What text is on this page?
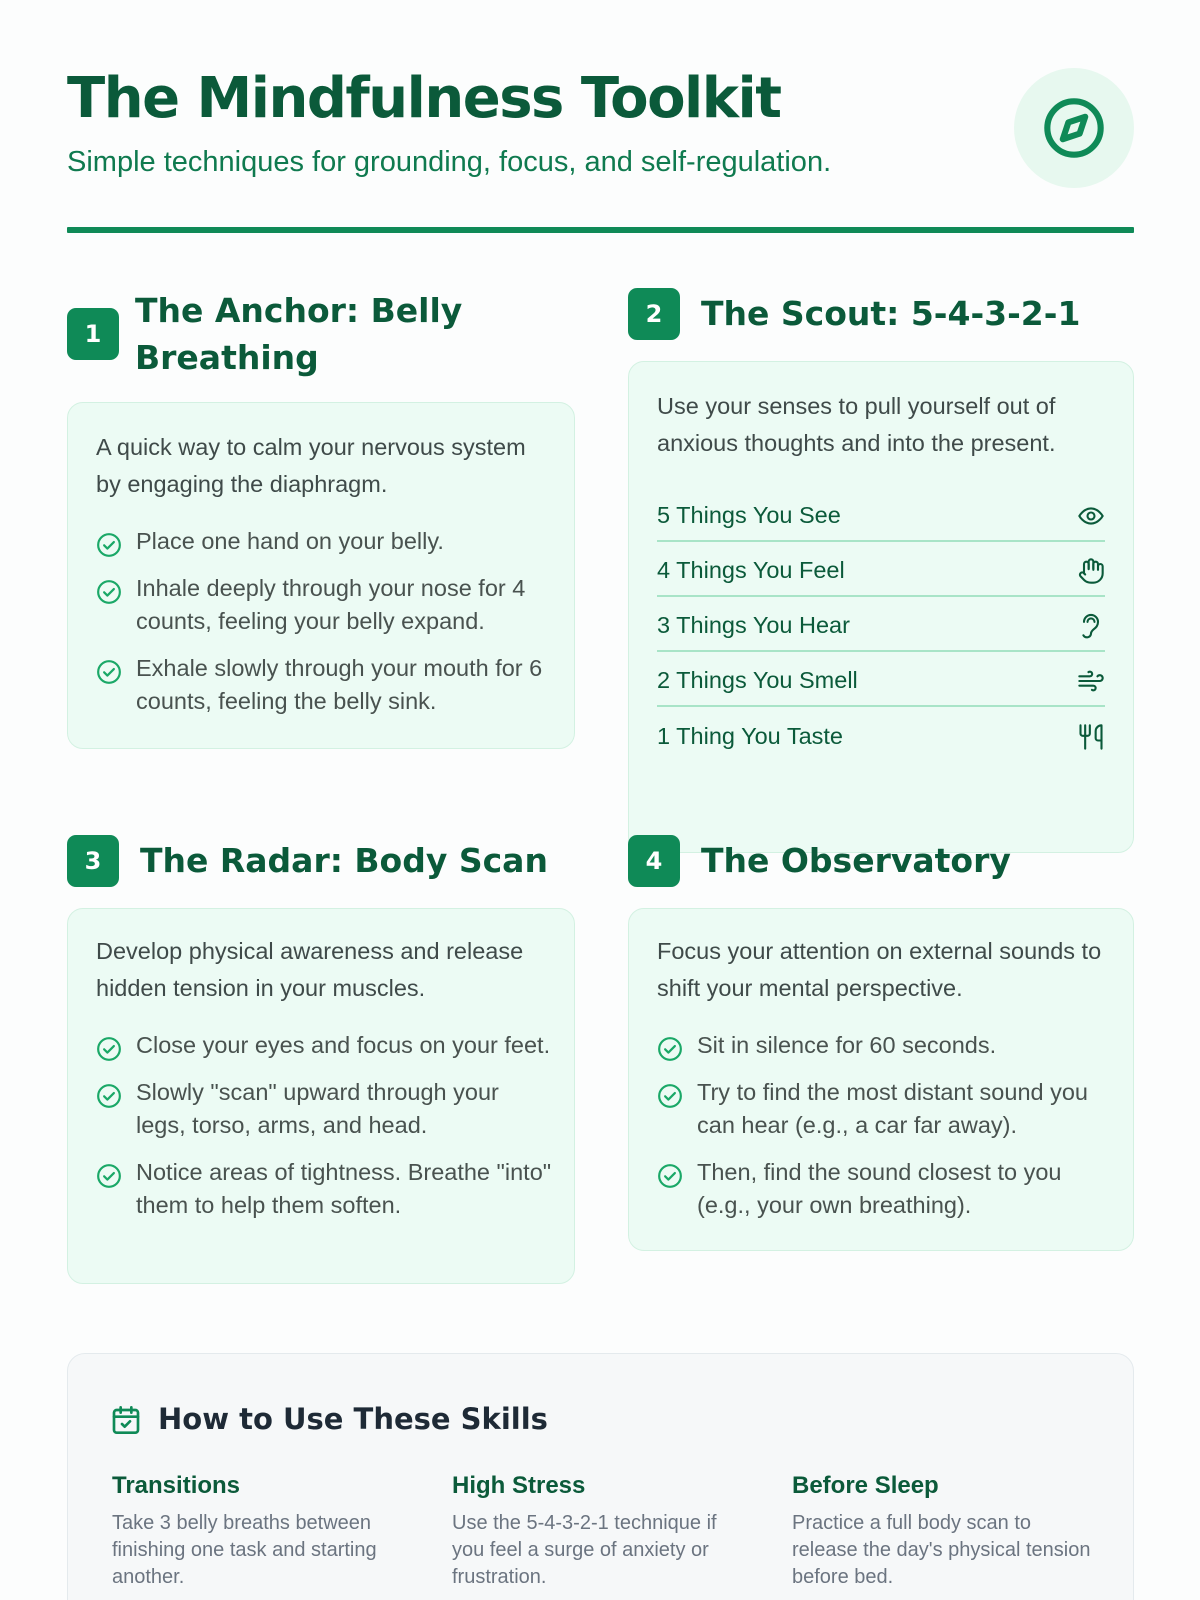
The Mindfulness Toolkit

Simple techniques for grounding, focus, and self-regulation.

1
The Anchor: Belly Breathing

A quick way to calm your nervous system by engaging the diaphragm.

Place one hand on your belly.
Inhale deeply through your nose for 4 counts, feeling your belly expand.
Exhale slowly through your mouth for 6 counts, feeling the belly sink.
2	The Scout: 5-4-3-2-1

Use your senses to pull yourself out of anxious thoughts and into the present.

5 Things You See
4 Things You Feel
3 Things You Hear
2 Things You Smell
1 Thing You Taste
3	The Radar: Body Scan

Develop physical awareness and release hidden tension in your muscles.

Close your eyes and focus on your feet.
Slowly "scan" upward through your legs, torso, arms, and head.
Notice areas of tightness. Breathe "into" them to help them soften.
4	The Observatory

Focus your attention on external sounds to shift your mental perspective.

Sit in silence for 60 seconds.
Try to find the most distant sound you can hear (e.g., a car far away).
Then, find the sound closest to you (e.g., your own breathing).
How to Use These Skills
Transitions

Take 3 belly breaths between finishing one task and starting another.

High Stress

Use the 5-4-3-2-1 technique if you feel a surge of anxiety or frustration.

Before Sleep

Practice a full body scan to release the day's physical tension before bed.
